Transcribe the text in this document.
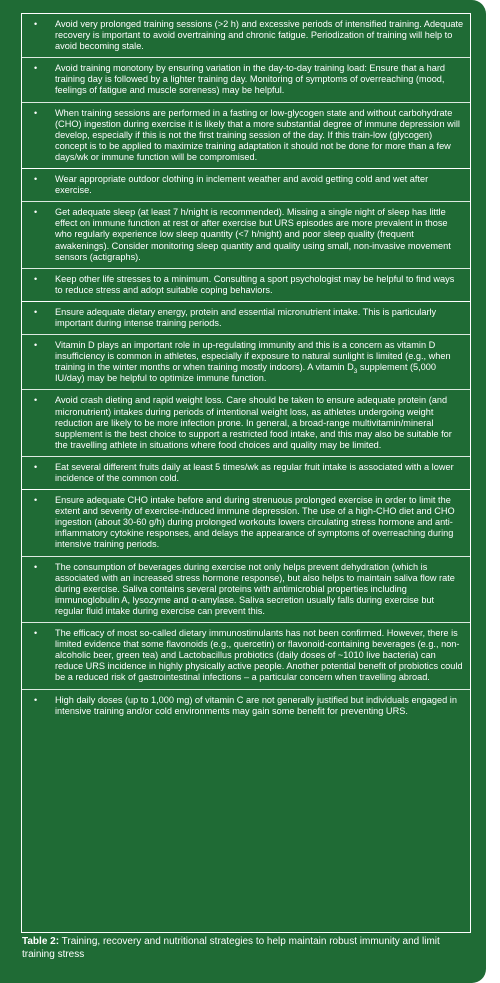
• Avoid very prolonged training sessions (>2 h) and excessive periods of intensified training. Adequate recovery is important to avoid overtraining and chronic fatigue. Periodization of training will help to avoid becoming stale.
• Avoid training monotony by ensuring variation in the day-to-day training load: Ensure that a hard training day is followed by a lighter training day. Monitoring of symptoms of overreaching (mood, feelings of fatigue and muscle soreness) may be helpful.
• When training sessions are performed in a fasting or low-glycogen state and without carbohydrate (CHO) ingestion during exercise it is likely that a more substantial degree of immune depression will develop, especially if this is not the first training session of the day. If this train-low (glycogen) concept is to be applied to maximize training adaptation it should not be done for more than a few days/wk or immune function will be compromised.
• Wear appropriate outdoor clothing in inclement weather and avoid getting cold and wet after exercise.
• Get adequate sleep (at least 7 h/night is recommended). Missing a single night of sleep has little effect on immune function at rest or after exercise but URS episodes are more prevalent in those who regularly experience low sleep quantity (<7 h/night) and poor sleep quality (frequent awakenings). Consider monitoring sleep quantity and quality using small, non-invasive movement sensors (actigraphs).
• Keep other life stresses to a minimum. Consulting a sport psychologist may be helpful to find ways to reduce stress and adopt suitable coping behaviors.
• Ensure adequate dietary energy, protein and essential micronutrient intake. This is particularly important during intense training periods.
• Vitamin D plays an important role in up-regulating immunity and this is a concern as vitamin D insufficiency is common in athletes, especially if exposure to natural sunlight is limited (e.g., when training in the winter months or when training mostly indoors). A vitamin $D_3$ supplement (5,000 IU/day) may be helpful to optimize immune function.
• Avoid crash dieting and rapid weight loss. Care should be taken to ensure adequate protein (and micronutrient) intakes during periods of intentional weight loss, as athletes undergoing weight reduction are likely to be more infection prone. In general, a broad-range multivitamin/mineral supplement is the best choice to support a restricted food intake, and this may also be suitable for the travelling athlete in situations where food choices and quality may be limited.
• Eat several different fruits daily at least 5 times/wk as regular fruit intake is associated with a lower incidence of the common cold.
• Ensure adequate CHO intake before and during strenuous prolonged exercise in order to limit the extent and severity of exercise-induced immune depression. The use of a high-CHO diet and CHO ingestion (about 30-60 g/h) during prolonged workouts lowers circulating stress hormone and anti-inflammatory cytokine responses, and delays the appearance of symptoms of overreaching during intensive training periods.
• The consumption of beverages during exercise not only helps prevent dehydration (which is associated with an increased stress hormone response), but also helps to maintain saliva flow rate during exercise. Saliva contains several proteins with antimicrobial properties including immunoglobulin A, lysozyme and α-amylase. Saliva secretion usually falls during exercise but regular fluid intake during exercise can prevent this.
• The efficacy of most so-called dietary immunostimulants has not been confirmed. However, there is limited evidence that some flavonoids (e.g., quercetin) or flavonoid-containing beverages (e.g., non-alcoholic beer, green tea) and Lactobacillus probiotics (daily doses of ~1010 live bacteria) can reduce URS incidence in highly physically active people. Another potential benefit of probiotics could be a reduced risk of gastrointestinal infections – a particular concern when travelling abroad.
• High daily doses (up to 1,000 mg) of vitamin C are not generally justified but individuals engaged in intensive training and/or cold environments may gain some benefit for preventing URS.
Table 2: Training, recovery and nutritional strategies to help maintain robust immunity and limit training stress
